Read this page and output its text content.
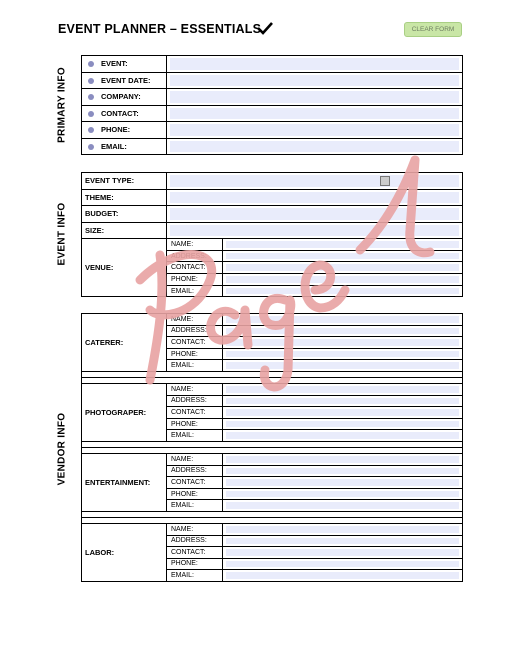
EVENT PLANNER – ESSENTIALS	CLEAR FORM
PRIMARY INFO
EVENT INFO
VENDOR INFO
EVENT:	

EVENT DATE:	

COMPANY:	

CONTACT:	

PHONE:	

EMAIL:	
EVENT TYPE:		

THEME:		

BUDGET:		

SIZE:		

VENUE:	NAME:	

	ADDRESS:	

	CONTACT:	

	PHONE:	

	EMAIL:	
CATERER:	NAME:	

	ADDRESS:	

	CONTACT:	

	PHONE:	

	EMAIL:	

PHOTOGRAPER:	NAME:	

	ADDRESS:	

	CONTACT:	

	PHONE:	

	EMAIL:	

ENTERTAINMENT:	NAME:	

	ADDRESS:	

	CONTACT:	

	PHONE:	

	EMAIL:	

LABOR:	NAME:	

	ADDRESS:	

	CONTACT:	

	PHONE:	

	EMAIL:	
Page 1
